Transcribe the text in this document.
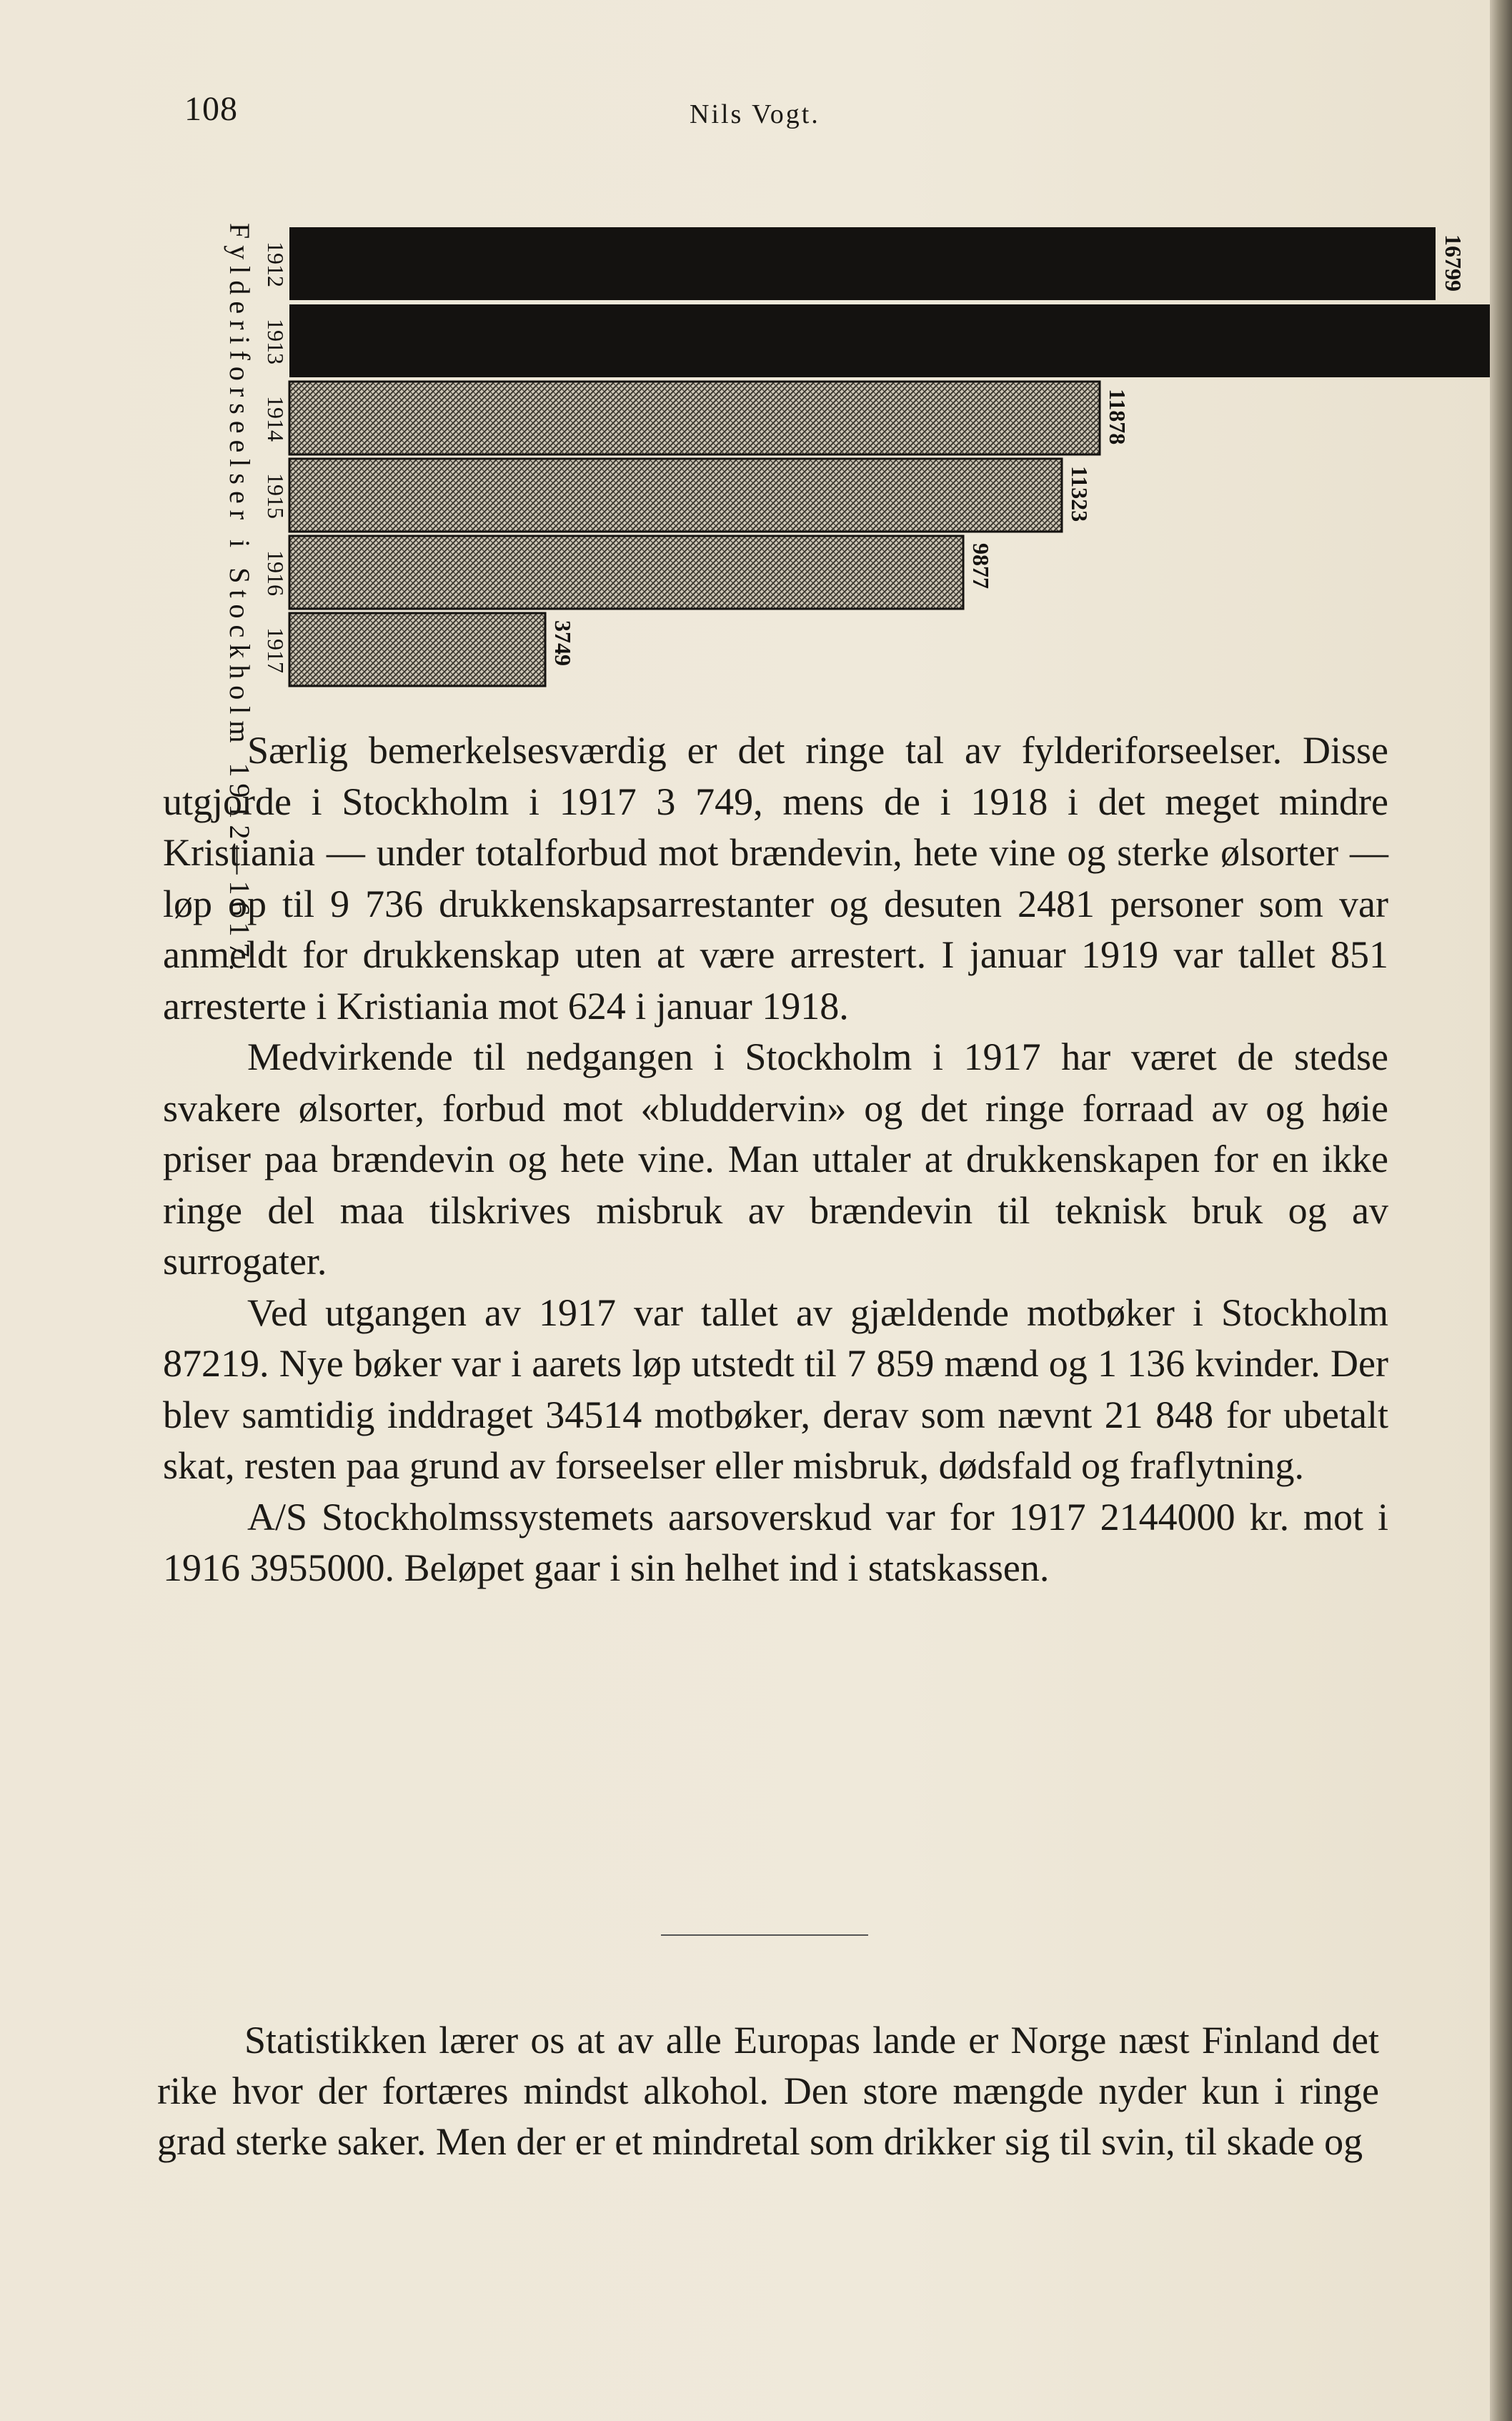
108	Nils Vogt.
Fylderiforseelser i Stockholm 1912—1617. 1912
1913
1914
1915
1916
1917
16799
11878
11323
9877
3749

Særlig bemerkelsesværdig er det ringe tal av fylderiforseelser. Disse utgjorde i Stockholm i 1917 3 749, mens de i 1918 i det meget mindre Kristiania — under totalforbud mot brændevin, hete vine og sterke ølsorter — løp op til 9 736 drukkenskapsarrestanter og desuten 2481 personer som var anmeldt for drukkenskap uten at være arrestert. I januar 1919 var tallet 851 arresterte i Kristiania mot 624 i januar 1918.

Medvirkende til nedgangen i Stockholm i 1917 har været de stedse svakere ølsorter, forbud mot «bluddervin» og det ringe forraad av og høie priser paa brændevin og hete vine. Man uttaler at drukkenskapen for en ikke ringe del maa tilskrives misbruk av brændevin til teknisk bruk og av surrogater.

Ved utgangen av 1917 var tallet av gjældende motbøker i Stockholm 87219. Nye bøker var i aarets løp utstedt til 7 859 mænd og 1 136 kvinder. Der blev samtidig inddraget 34514 motbøker, derav som nævnt 21 848 for ubetalt skat, resten paa grund av forseelser eller misbruk, dødsfald og fraflytning.

A/S Stockholmssystemets aarsoverskud var for 1917 2144000 kr. mot i 1916 3955000. Beløpet gaar i sin helhet ind i statskassen.

Statistikken lærer os at av alle Europas lande er Norge næst Finland det rike hvor der fortæres mindst alkohol. Den store mængde nyder kun i ringe grad sterke saker. Men der er et mindretal som drikker sig til svin, til skade og
